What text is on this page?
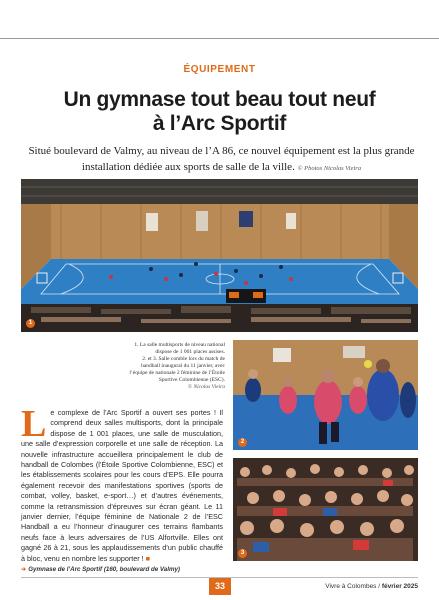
ÉQUIPEMENT
Un gymnase tout beau tout neuf
à l’Arc Sportif
Situé boulevard de Valmy, au niveau de l’A 86, ce nouvel équipement est la plus grande installation dédiée aux sports de salle de la ville. © Photos Nicolas Vieira
1
1. La salle multisports de niveau national
dispose de 1 001 places assises.
2. et 3. Salle comble lors du match de
handball inaugural du 11 janvier, avec
l’équipe de nationale 2 féminine de l’Étoile
Sportive Colombienne (ESC).
© Nicolas Vieira
2
3
L e complexe de l’Arc Sportif a ouvert ses portes ! Il comprend deux salles multisports, dont la principale dispose de 1 001 places, une salle de musculation, une salle d’expression corporelle et une salle de réception. La nouvelle infrastructure accueillera principalement le club de handball de Colombes (l’Étoile Sportive Colombienne, ESC) et les établissements scolaires pour les cours d’EPS. Elle pourra également recevoir des manifestations sportives (sports de combat, volley, basket, e-sport…) et d’autres événements, comme la retransmission d’épreuves sur écran géant. Le 11 janvier dernier, l’équipe féminine de Nationale 2 de l’ESC Handball a eu l’honneur d’inaugurer ces terrains flambants neufs face à leurs adversaires de l’US Alfortville. Elles ont gagné 26 à 21, sous les applaudissements d’un public chauffé à bloc, venu en nombre les supporter ! ■
➔ Gymnase de l’Arc Sportif (160, boulevard de Valmy)
33	Vivre à Colombes / février 2025
